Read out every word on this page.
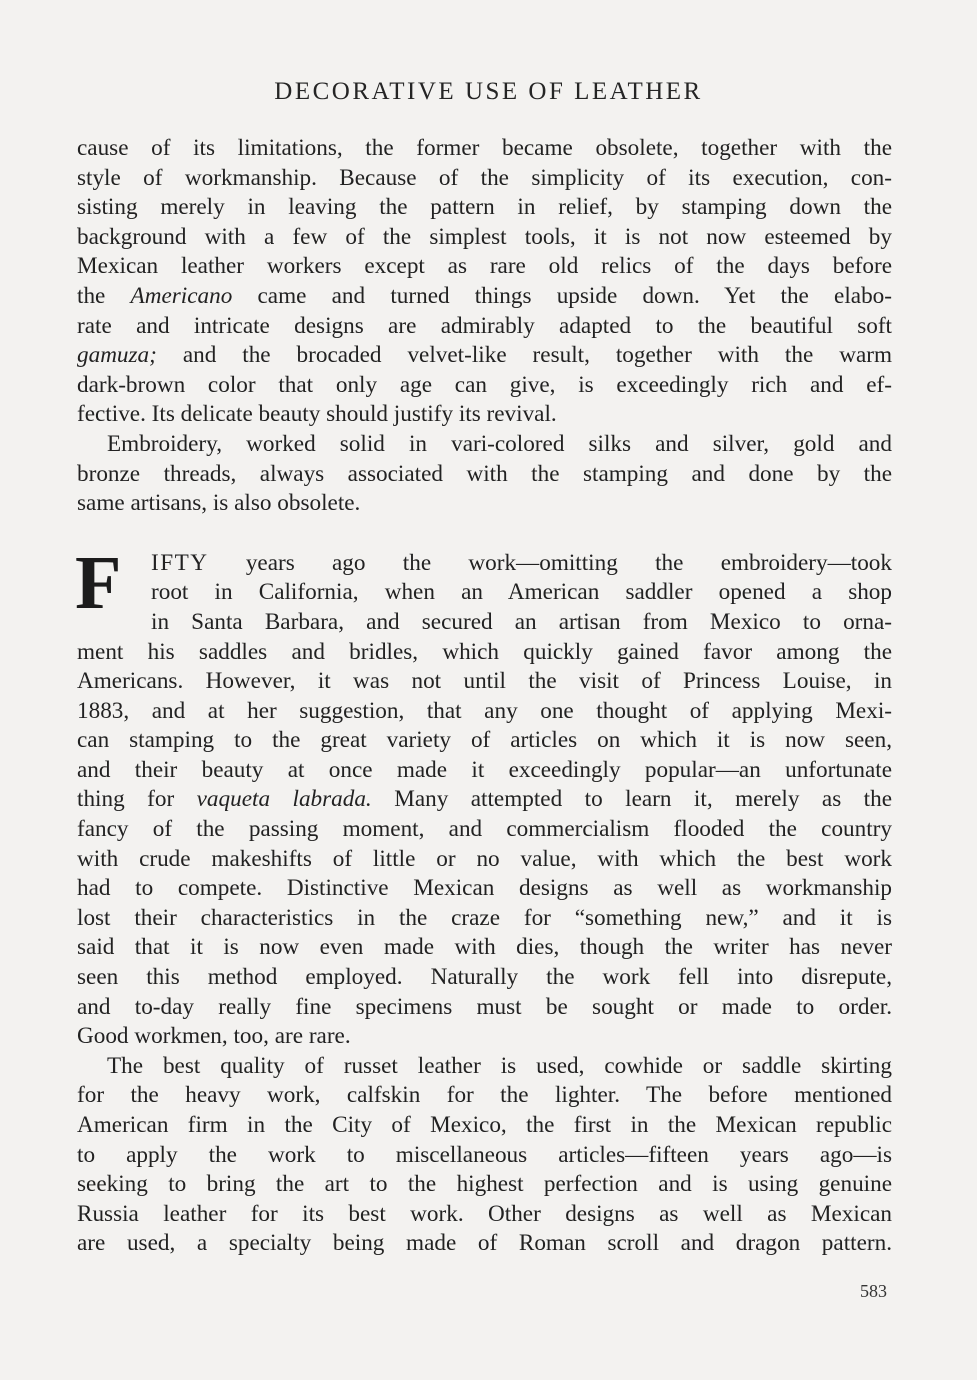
DECORATIVE USE OF LEATHER
cause of its limitations, the former became obsolete, together with the
style of workmanship. Because of the simplicity of its execution, con-
sisting merely in leaving the pattern in relief, by stamping down the
background with a few of the simplest tools, it is not now esteemed by
Mexican leather workers except as rare old relics of the days before
the Americano came and turned things upside down. Yet the elabo-
rate and intricate designs are admirably adapted to the beautiful soft
gamuza; and the brocaded velvet-like result, together with the warm
dark-brown color that only age can give, is exceedingly rich and ef-
fective. Its delicate beauty should justify its revival.
Embroidery, worked solid in vari-colored silks and silver, gold and
bronze threads, always associated with the stamping and done by the
same artisans, is also obsolete.
F	IFTY years ago the work—omitting the embroidery—took
root in California, when an American saddler opened a shop
in Santa Barbara, and secured an artisan from Mexico to orna-
ment his saddles and bridles, which quickly gained favor among the
Americans. However, it was not until the visit of Princess Louise, in
1883, and at her suggestion, that any one thought of applying Mexi-
can stamping to the great variety of articles on which it is now seen,
and their beauty at once made it exceedingly popular—an unfortunate
thing for vaqueta labrada. Many attempted to learn it, merely as the
fancy of the passing moment, and commercialism flooded the country
with crude makeshifts of little or no value, with which the best work
had to compete. Distinctive Mexican designs as well as workmanship
lost their characteristics in the craze for “something new,” and it is
said that it is now even made with dies, though the writer has never
seen this method employed. Naturally the work fell into disrepute,
and to-day really fine specimens must be sought or made to order.
Good workmen, too, are rare.
The best quality of russet leather is used, cowhide or saddle skirting
for the heavy work, calfskin for the lighter. The before mentioned
American firm in the City of Mexico, the first in the Mexican republic
to apply the work to miscellaneous articles—fifteen years ago—is
seeking to bring the art to the highest perfection and is using genuine
Russia leather for its best work. Other designs as well as Mexican
are used, a specialty being made of Roman scroll and dragon pattern.
583
